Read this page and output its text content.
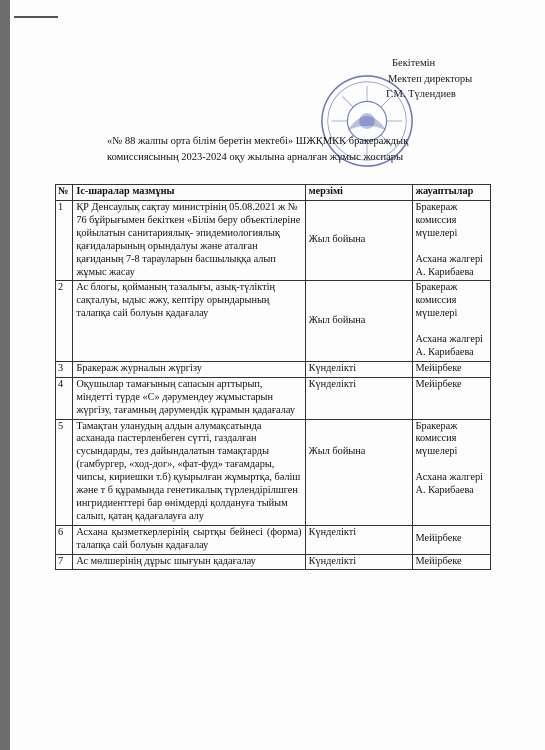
Бекітемін
Мектеп директоры
Г.М. Түлендиев
«№ 88 жалпы орта білім беретін мектебі» ШЖҚМКК бракераждық
комиссиясының 2023-2024 оқу жылына арналған жұмыс жоспары
№	Іс-шаралар мазмұны	мерзімі	жауаптылар
1	ҚР Денсаулық сақтау министрінің 05.08.2021 ж № 76 бұйрығымен бекіткен «Білім беру объектілеріне қойылатын санитариялық- эпидемиологиялық қағидаларының орындалуы және аталған қағиданың 7-8 тарауларын басшылыққа алып жұмыс жасау	Жыл бойына	Бракераж комиссия мүшелері

Асхана жалгері А. Карибаева
2	Ас блогы, қойманың тазалығы, азық-түліктің сақталуы, ыдыс жжу, кептіру орындарының талапқа сай болуын қадағалау	Жыл бойына	Бракераж комиссия мүшелері

Асхана жалгері А. Карибаева
3	Бракераж журналын жүргізу	Күнделікті	Мейірбеке
4	Оқушылар тамағының сапасын арттырып, міндетті түрде «С» дәрумендеу жұмыстарын жүргізу, тағамның дәрумендік құрамын қадағалау	Күнделікті	Мейірбеке
5	Тамақтан уланудың алдын алумақсатында асханада пастерленбеген сүтті, газдалған сусындарды, тез дайындалатын тамақтарды (гамбургер, «ход-дог», «фат-фуд» тағамдары, чипсы, кириешки т.б) қуырылған жұмыртқа, бәліш және т б құрамында генетикалық түрлендірілшген ингридиенттері бар өнімдерді қолдануға тыйым салып, қатаң қадағалауға алу	Жыл бойына	Бракераж комиссия мүшелері

Асхана жалгері А. Карибаева
6	Асхана қызметкерлерінің сыртқы бейнесі (форма) талапқа сай болуын қадағалау	Күнделікті	Мейірбеке
7	Ас мөлшерінің дұрыс шығуын қадағалау	Күнделікті	Мейірбеке
